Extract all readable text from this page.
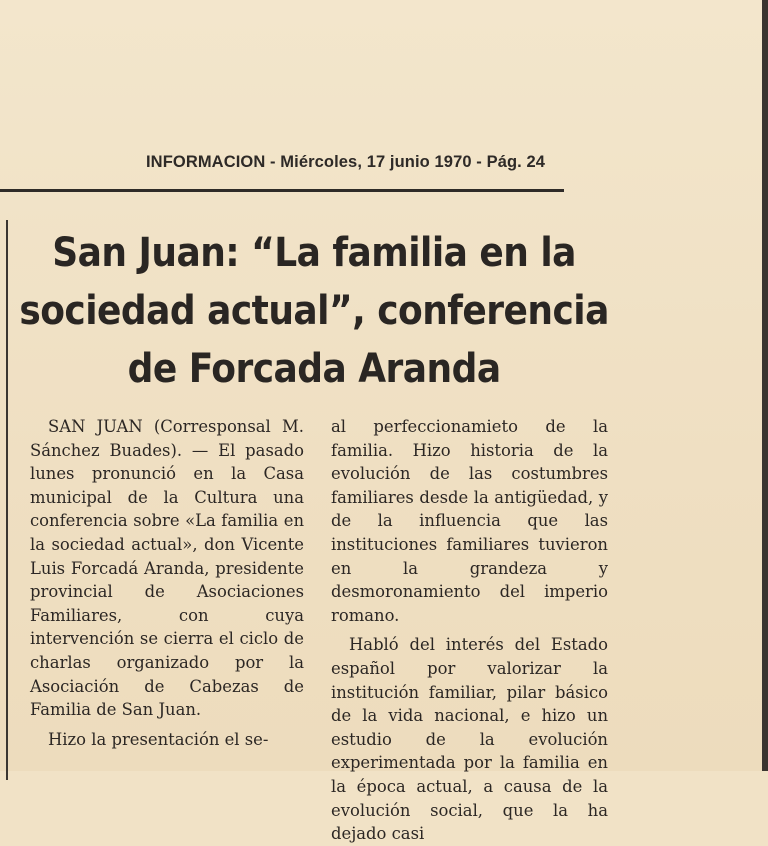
INFORMACION - Miércoles, 17 junio 1970 - Pág. 24
San Juan: “La familia en la sociedad actual”, conferencia de Forcada Aranda

SAN JUAN (Corresponsal M. Sánchez Buades). — El pasado lunes pronunció en la Casa municipal de la Cultura una conferencia sobre «La familia en la sociedad actual», don Vicente Luis Forcadá Aranda, presidente provincial de Asociaciones Familiares, con cuya intervención se cierra el ciclo de charlas organizado por la Asociación de Cabezas de Familia de San Juan.

Hizo la presentación el se-

al perfeccionamieto de la familia. Hizo historia de la evolución de las costumbres familiares desde la antigüedad, y de la influencia que las instituciones familiares tuvieron en la grandeza y desmoronamiento del imperio romano.

Habló del interés del Estado español por valorizar la institución familiar, pilar básico de la vida nacional, e hizo un estudio de la evolución experimentada por la familia en la época actual, a causa de la evolución social, que la ha dejado casi
